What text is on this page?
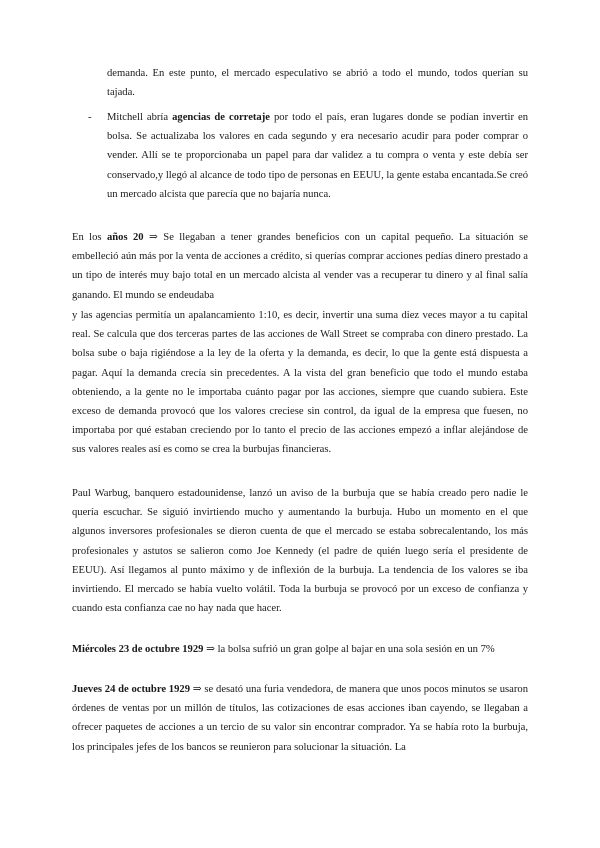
demanda. En este punto, el mercado especulativo se abrió a todo el mundo, todos querían su tajada.

- Mitchell abría agencias de corretaje por todo el país, eran lugares donde se podían invertir en bolsa. Se actualizaba los valores en cada segundo y era necesario acudir para poder comprar o vender. Allí se te proporcionaba un papel para dar validez a tu compra o venta y este debía ser conservado,y llegó al alcance de todo tipo de personas en EEUU, la gente estaba encantada.Se creó un mercado alcista que parecía que no bajaría nunca.

En los años 20 ⇒ Se llegaban a tener grandes beneficios con un capital pequeño. La situación se embelleció aún más por la venta de acciones a crédito, si querías comprar acciones pedías dinero prestado a un tipo de interés muy bajo total en un mercado alcista al vender vas a recuperar tu dinero y al final salía ganando. El mundo se endeudaba

y las agencias permitía un apalancamiento 1:10, es decir, invertir una suma diez veces mayor a tu capital real. Se calcula que dos terceras partes de las acciones de Wall Street se compraba con dinero prestado. La bolsa sube o baja rigiéndose a la ley de la oferta y la demanda, es decir, lo que la gente está dispuesta a pagar. Aquí la demanda crecía sin precedentes. A la vista del gran beneficio que todo el mundo estaba obteniendo, a la gente no le importaba cuánto pagar por las acciones, siempre que cuando subiera. Este exceso de demanda provocó que los valores creciese sin control, da igual de la empresa que fuesen, no importaba por qué estaban creciendo por lo tanto el precio de las acciones empezó a inflar alejándose de sus valores reales así es como se crea la burbujas financieras.

Paul Warbug, banquero estadounidense, lanzó un aviso de la burbuja que se había creado pero nadie le quería escuchar. Se siguió invirtiendo mucho y aumentando la burbuja. Hubo un momento en el que algunos inversores profesionales se dieron cuenta de que el mercado se estaba sobrecalentando, los más profesionales y astutos se salieron como Joe Kennedy (el padre de quién luego sería el presidente de EEUU). Así llegamos al punto máximo y de inflexión de la burbuja. La tendencia de los valores se iba invirtiendo. El mercado se había vuelto volátil. Toda la burbuja se provocó por un exceso de confianza y cuando esta confianza cae no hay nada que hacer.

Miércoles 23 de octubre 1929 ⇒ la bolsa sufrió un gran golpe al bajar en una sola sesión en un 7%

Jueves 24 de octubre 1929 ⇒ se desató una furia vendedora, de manera que unos pocos minutos se usaron órdenes de ventas por un millón de títulos, las cotizaciones de esas acciones iban cayendo, se llegaban a ofrecer paquetes de acciones a un tercio de su valor sin encontrar comprador. Ya se había roto la burbuja, los principales jefes de los bancos se reunieron para solucionar la situación. La
